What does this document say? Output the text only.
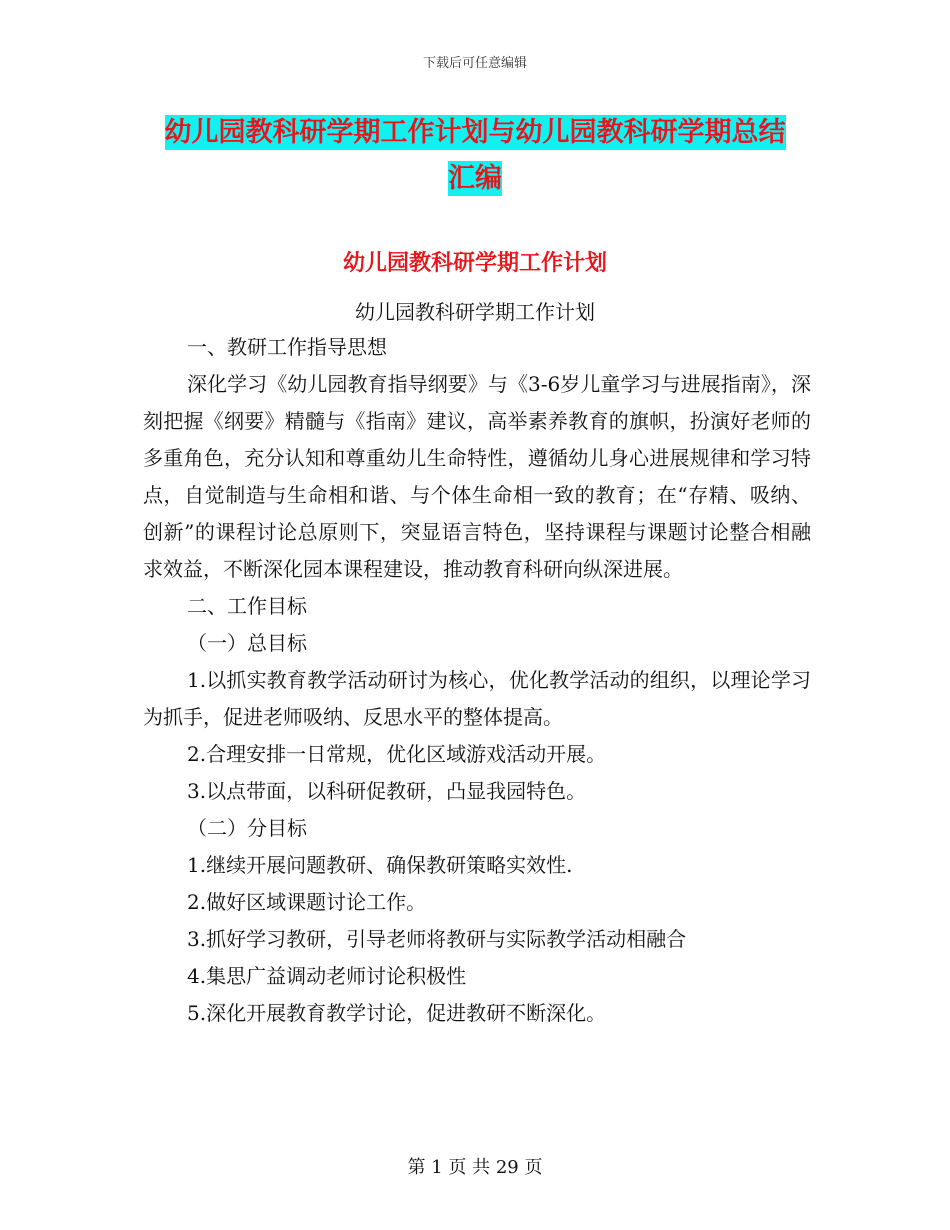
下载后可任意编辑
幼儿园教科研学期工作计划与幼儿园教科研学期总结
汇编
幼儿园教科研学期工作计划
幼儿园教科研学期工作计划

一、教研工作指导思想

深化学习《幼儿园教育指导纲要》与《3-6岁儿童学习与进展指南》，深刻把握《纲要》精髓与《指南》建议，高举素养教育的旗帜，扮演好老师的多重角色，充分认知和尊重幼儿生命特性，遵循幼儿身心进展规律和学习特点，自觉制造与生命相和谐、与个体生命相一致的教育；在“存精、吸纳、创新”的课程讨论总原则下，突显语言特色，坚持课程与课题讨论整合相融求效益，不断深化园本课程建设，推动教育科研向纵深进展。

二、工作目标

（一）总目标

1.以抓实教育教学活动研讨为核心，优化教学活动的组织，以理论学习为抓手，促进老师吸纳、反思水平的整体提高。

2.合理安排一日常规，优化区域游戏活动开展。

3.以点带面，以科研促教研，凸显我园特色。

（二）分目标

1.继续开展问题教研、确保教研策略实效性.

2.做好区域课题讨论工作。

3.抓好学习教研，引导老师将教研与实际教学活动相融合

4.集思广益调动老师讨论积极性

5.深化开展教育教学讨论，促进教研不断深化。

第 1 页 共 29 页
